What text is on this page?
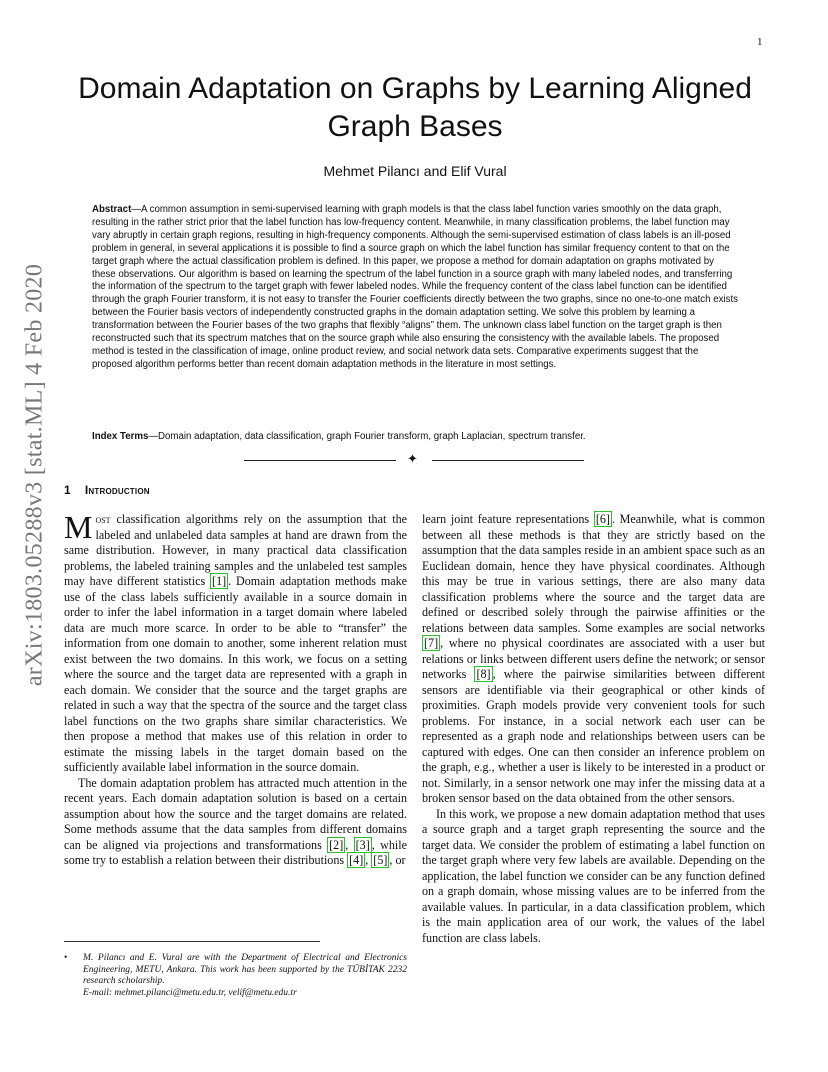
1
arXiv:1803.05288v3 [stat.ML] 4 Feb 2020
Domain Adaptation on Graphs by Learning Aligned Graph Bases

Mehmet Pilancı and Elif Vural

Abstract—A common assumption in semi-supervised learning with graph models is that the class label function varies smoothly on the data graph, resulting in the rather strict prior that the label function has low-frequency content. Meanwhile, in many classification problems, the label function may vary abruptly in certain graph regions, resulting in high-frequency components. Although the semi-supervised estimation of class labels is an ill-posed problem in general, in several applications it is possible to find a source graph on which the label function has similar frequency content to that on the target graph where the actual classification problem is defined. In this paper, we propose a method for domain adaptation on graphs motivated by these observations. Our algorithm is based on learning the spectrum of the label function in a source graph with many labeled nodes, and transferring the information of the spectrum to the target graph with fewer labeled nodes. While the frequency content of the class label function can be identified through the graph Fourier transform, it is not easy to transfer the Fourier coefficients directly between the two graphs, since no one-to-one match exists between the Fourier basis vectors of independently constructed graphs in the domain adaptation setting. We solve this problem by learning a transformation between the Fourier bases of the two graphs that flexibly “aligns” them. The unknown class label function on the target graph is then reconstructed such that its spectrum matches that on the source graph while also ensuring the consistency with the available labels. The proposed method is tested in the classification of image, online product review, and social network data sets. Comparative experiments suggest that the proposed algorithm performs better than recent domain adaptation methods in the literature in most settings.

Index Terms—Domain adaptation, data classification, graph Fourier transform, graph Laplacian, spectrum transfer.

✦
1 Introduction

Most classification algorithms rely on the assumption that the labeled and unlabeled data samples at hand are drawn from the same distribution. However, in many practical data classification problems, the labeled training samples and the unlabeled test samples may have different statistics [1] . Domain adaptation methods make use of the class labels sufficiently available in a source domain in order to infer the label information in a target domain where labeled data are much more scarce. In order to be able to “transfer” the information from one domain to another, some inherent relation must exist between the two domains. In this work, we focus on a setting where the source and the target data are represented with a graph in each domain. We consider that the source and the target graphs are related in such a way that the spectra of the source and the target class label functions on the two graphs share similar characteristics. We then propose a method that makes use of this relation in order to estimate the missing labels in the target domain based on the sufficiently available label information in the source domain.

The domain adaptation problem has attracted much attention in the recent years. Each domain adaptation solution is based on a certain assumption about how the source and the target domains are related. Some methods assume that the data samples from different domains can be aligned via projections and transformations [2] , [3] , while some try to establish a relation between their distributions [4] , [5] , or

learn joint feature representations [6] . Meanwhile, what is common between all these methods is that they are strictly based on the assumption that the data samples reside in an ambient space such as an Euclidean domain, hence they have physical coordinates. Although this may be true in various settings, there are also many data classification problems where the source and the target data are defined or described solely through the pairwise affinities or the relations between data samples. Some examples are social networks [7] , where no physical coordinates are associated with a user but relations or links between different users define the network; or sensor networks [8] , where the pairwise similarities between different sensors are identifiable via their geographical or other kinds of proximities. Graph models provide very convenient tools for such problems. For instance, in a social network each user can be represented as a graph node and relationships between users can be captured with edges. One can then consider an inference problem on the graph, e.g., whether a user is likely to be interested in a product or not. Similarly, in a sensor network one may infer the missing data at a broken sensor based on the data obtained from the other sensors.

In this work, we propose a new domain adaptation method that uses a source graph and a target graph representing the source and the target data. We consider the problem of estimating a label function on the target graph where very few labels are available. Depending on the application, the label function we consider can be any function defined on a graph domain, whose missing values are to be inferred from the available values. In particular, in a data classification problem, which is the main application area of our work, the values of the label function are class labels.

• M. Pilancı and E. Vural are with the Department of Electrical and Electronics Engineering, METU, Ankara. This work has been supported by the TÜBİTAK 2232 research scholarship.
E-mail: mehmet.pilanci@metu.edu.tr, velif@metu.edu.tr
